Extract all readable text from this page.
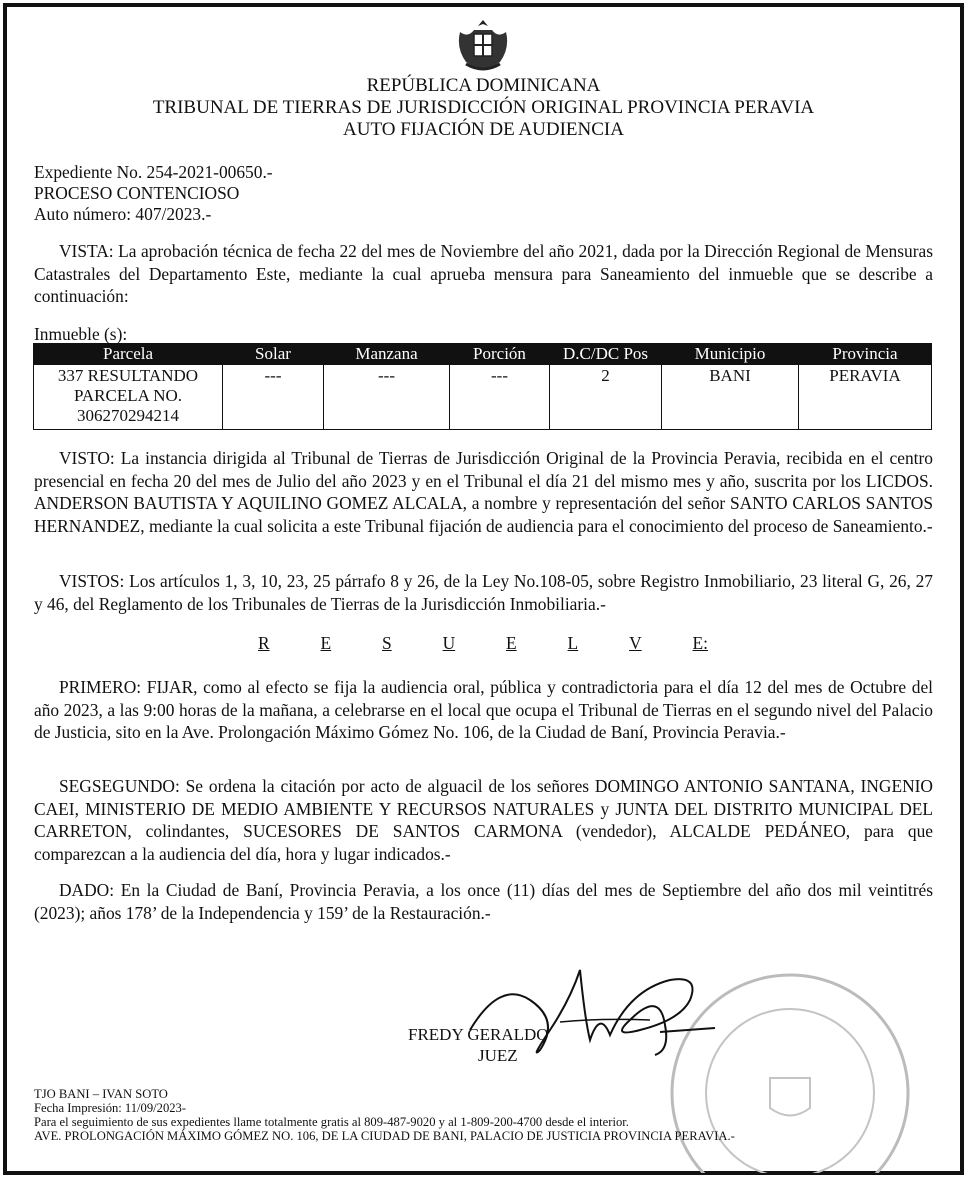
REPÚBLICA DOMINICANA
TRIBUNAL DE TIERRAS DE JURISDICCIÓN ORIGINAL PROVINCIA PERAVIA
AUTO FIJACIÓN DE AUDIENCIA
Expediente No. 254-2021-00650.-
PROCESO CONTENCIOSO
Auto número: 407/2023.-
VISTA: La aprobación técnica de fecha 22 del mes de Noviembre del año 2021, dada por la Dirección Regional de Mensuras Catastrales del Departamento Este, mediante la cual aprueba mensura para Saneamiento del inmueble que se describe a continuación:
Inmueble (s):
Parcela	Solar	Manzana	Porción	D.C/DC Pos	Municipio	Provincia
337 RESULTANDO PARCELA NO. 306270294214	---	---	---	2	BANI	PERAVIA
VISTO: La instancia dirigida al Tribunal de Tierras de Jurisdicción Original de la Provincia Peravia, recibida en el centro presencial en fecha 20 del mes de Julio del año 2023 y en el Tribunal el día 21 del mismo mes y año, suscrita por los LICDOS. ANDERSON BAUTISTA Y AQUILINO GOMEZ ALCALA, a nombre y representación del señor SANTO CARLOS SANTOS HERNANDEZ, mediante la cual solicita a este Tribunal fijación de audiencia para el conocimiento del proceso de Saneamiento.-
VISTOS: Los artículos 1, 3, 10, 23, 25 párrafo 8 y 26, de la Ley No.108-05, sobre Registro Inmobiliario, 23 literal G, 26, 27 y 46, del Reglamento de los Tribunales de Tierras de la Jurisdicción Inmobiliaria.-
R	E	S	U	E	L	V	E:
PRIMERO: FIJAR, como al efecto se fija la audiencia oral, pública y contradictoria para el día 12 del mes de Octubre del año 2023, a las 9:00 horas de la mañana, a celebrarse en el local que ocupa el Tribunal de Tierras en el segundo nivel del Palacio de Justicia, sito en la Ave. Prolongación Máximo Gómez No. 106, de la Ciudad de Baní, Provincia Peravia.-
SEGSEGUNDO: Se ordena la citación por acto de alguacil de los señores DOMINGO ANTONIO SANTANA, INGENIO CAEI, MINISTERIO DE MEDIO AMBIENTE Y RECURSOS NATURALES y JUNTA DEL DISTRITO MUNICIPAL DEL CARRETON, colindantes, SUCESORES DE SANTOS CARMONA (vendedor), ALCALDE PEDÁNEO, para que comparezcan a la audiencia del día, hora y lugar indicados.-
DADO: En la Ciudad de Baní, Provincia Peravia, a los once (11) días del mes de Septiembre del año dos mil veintitrés (2023); años 178’ de la Independencia y 159’ de la Restauración.-
FREDY GERALDO
JUEZ
TJO BANI – IVAN SOTO
Fecha Impresión: 11/09/2023-
Para el seguimiento de sus expedientes llame totalmente gratis al 809-487-9020 y al 1-809-200-4700 desde el interior.
AVE. PROLONGACIÓN MÁXIMO GÓMEZ NO. 106, DE LA CIUDAD DE BANI, PALACIO DE JUSTICIA PROVINCIA PERAVIA.-
